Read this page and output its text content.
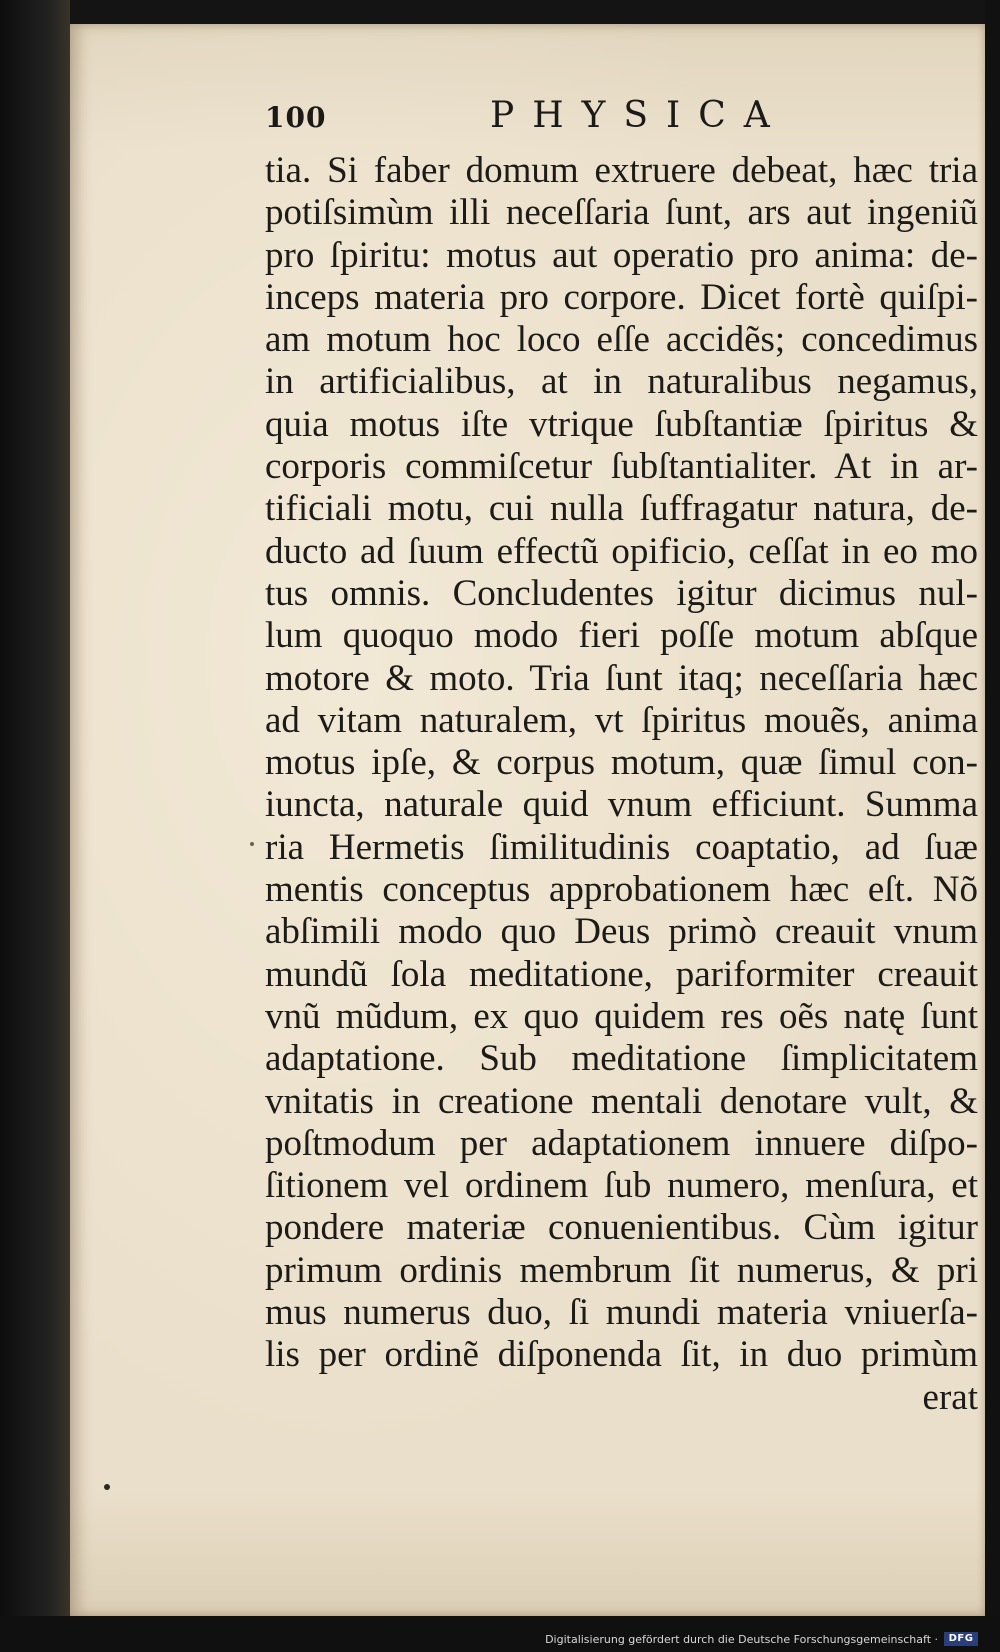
100	PHYSICA
tia. Si faber domum extruere debeat, hæc tria
potiſsimùm illi neceſſaria ſunt, ars aut ingeniũ
pro ſpiritu: motus aut operatio pro anima: de-
inceps materia pro corpore. Dicet fortè quiſpi-
am motum hoc loco eſſe accidẽs; concedimus
in artificialibus, at in naturalibus negamus,
quia motus iſte vtrique ſubſtantiæ ſpiritus &
corporis commiſcetur ſubſtantialiter. At in ar-
tificiali motu, cui nulla ſuffragatur natura, de-
ducto ad ſuum effectũ opificio, ceſſat in eo mo
tus omnis. Concludentes igitur dicimus nul-
lum quoquo modo fieri poſſe motum abſque
motore & moto. Tria ſunt itaq; neceſſaria hæc
ad vitam naturalem, vt ſpiritus mouẽs, anima
motus ipſe, & corpus motum, quæ ſimul con-
iuncta, naturale quid vnum efficiunt. Summa
ria Hermetis ſimilitudinis coaptatio, ad ſuæ
mentis conceptus approbationem hæc eſt. Nõ
abſimili modo quo Deus primò creauit vnum
mundũ ſola meditatione, pariformiter creauit
vnũ mũdum, ex quo quidem res oẽs natę ſunt
adaptatione. Sub meditatione ſimplicitatem
vnitatis in creatione mentali denotare vult, &
poſtmodum per adaptationem innuere diſpo-
ſitionem vel ordinem ſub numero, menſura, et
pondere materiæ conuenientibus. Cùm igitur
primum ordinis membrum ſit numerus, & pri
mus numerus duo, ſi mundi materia vniuerſa-
lis per ordinẽ diſponenda ſit, in duo primùm
erat
Digitalisierung gefördert durch die Deutsche Forschungsgemeinschaft ·	DFG
